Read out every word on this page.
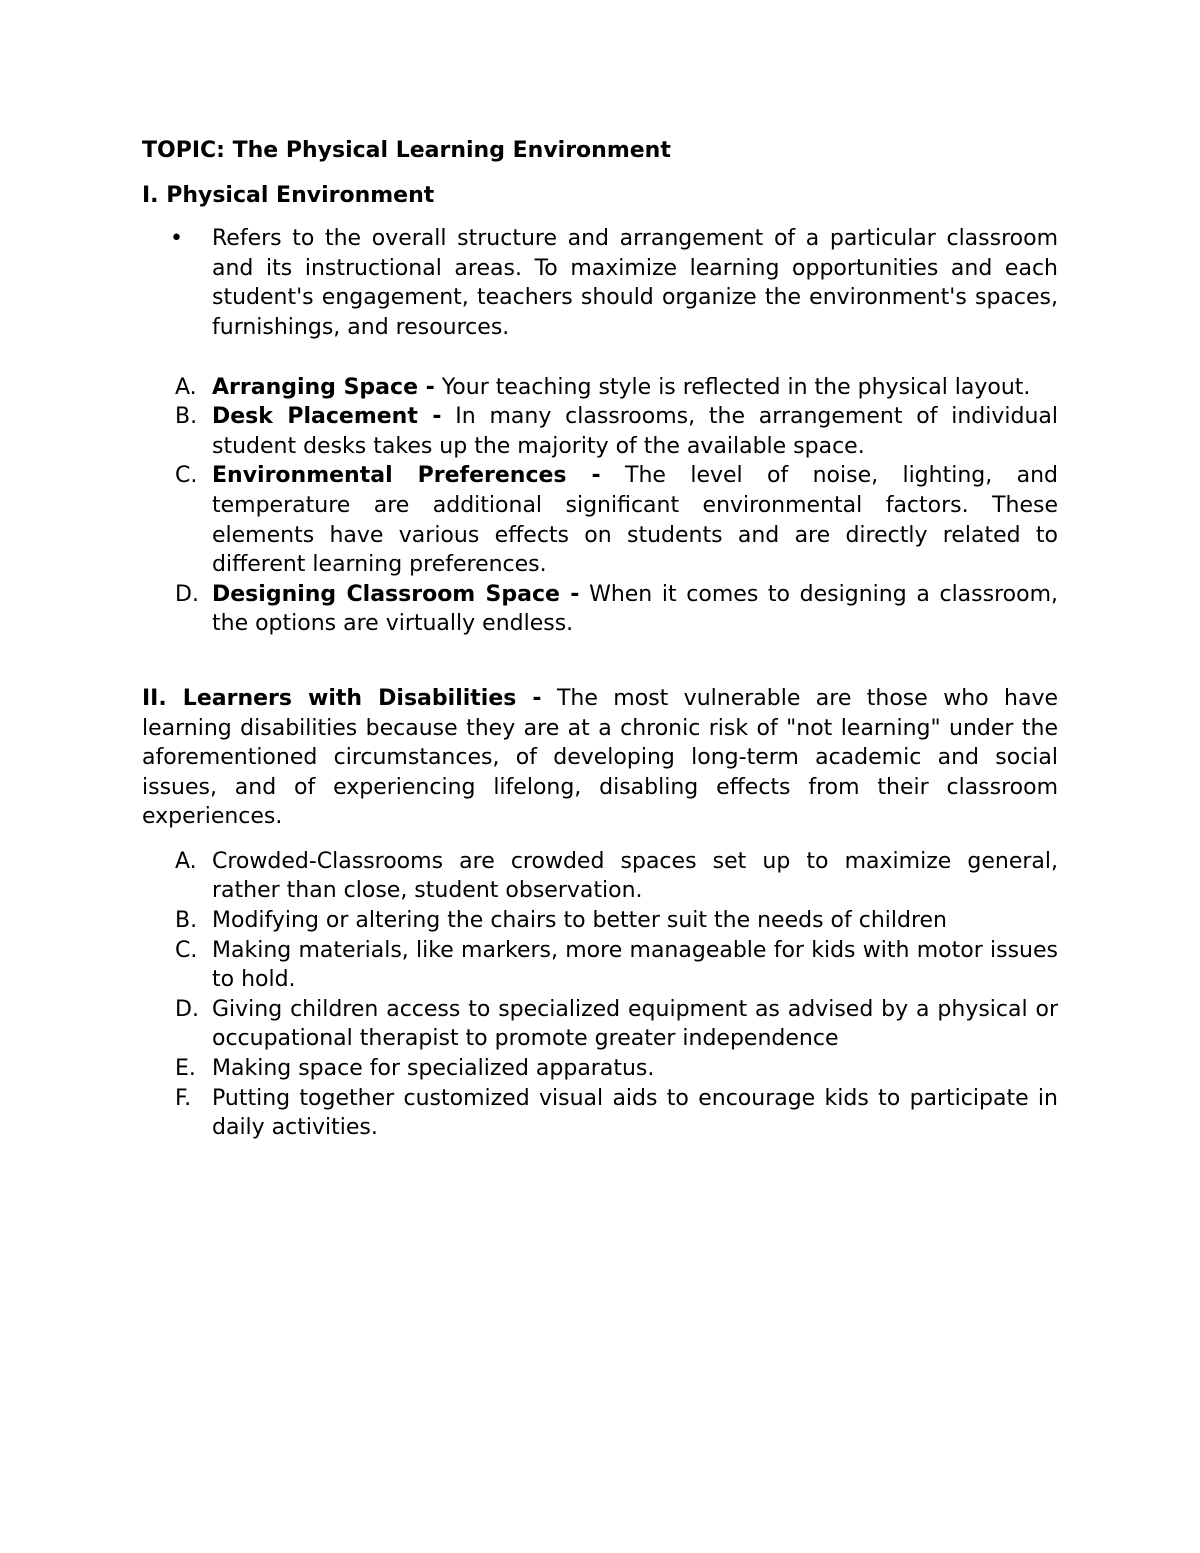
TOPIC: The Physical Learning Environment

I. Physical Environment

• Refers to the overall structure and arrangement of a particular classroom and its instructional areas. To maximize learning opportunities and each student's engagement, teachers should organize the environment's spaces, furnishings, and resources.
A. Arranging Space - Your teaching style is reflected in the physical layout.
B. Desk Placement - In many classrooms, the arrangement of individual student desks takes up the majority of the available space.
C. Environmental Preferences - The level of noise, lighting, and temperature are additional significant environmental factors. These elements have various effects on students and are directly related to different learning preferences.
D. Designing Classroom Space - When it comes to designing a classroom, the options are virtually endless.

II. Learners with Disabilities - The most vulnerable are those who have learning disabilities because they are at a chronic risk of "not learning" under the aforementioned circumstances, of developing long-term academic and social issues, and of experiencing lifelong, disabling effects from their classroom experiences.

A. Crowded-Classrooms are crowded spaces set up to maximize general, rather than close, student observation.
B. Modifying or altering the chairs to better suit the needs of children
C. Making materials, like markers, more manageable for kids with motor issues to hold.
D. Giving children access to specialized equipment as advised by a physical or occupational therapist to promote greater independence
E. Making space for specialized apparatus.
F. Putting together customized visual aids to encourage kids to participate in daily activities.
